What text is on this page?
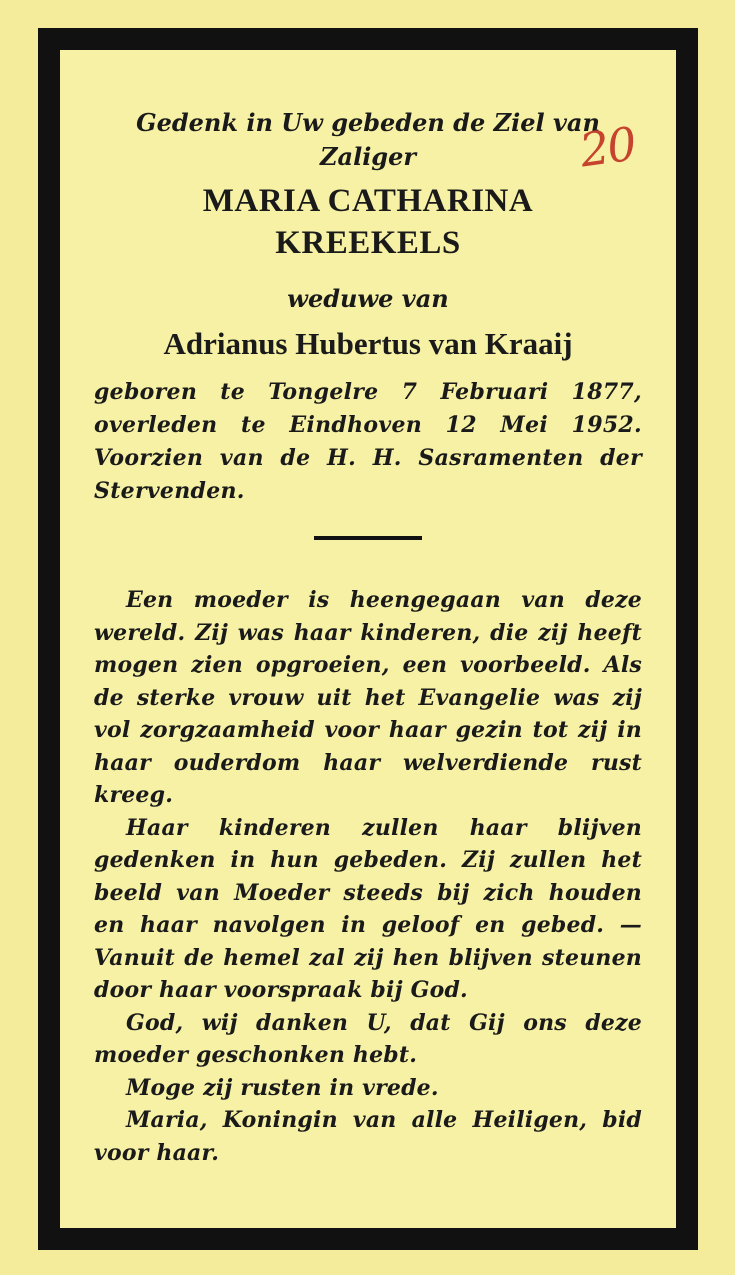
Gedenk in Uw gebeden de Ziel van
Zaliger
MARIA CATHARINA
KREEKELS
weduwe van
Adrianus Hubertus van Kraaij
geboren te Tongelre 7 Februari 1877, overleden te Eindhoven 12 Mei 1952. Voorzien van de H. H. Sasramenten der Stervenden.
Een moeder is heengegaan van deze wereld. Zij was haar kinderen, die zij heeft mogen zien opgroeien, een voorbeeld. Als de sterke vrouw uit het Evangelie was zij vol zorgzaamheid voor haar gezin tot zij in haar ouderdom haar welverdiende rust kreeg.
Haar kinderen zullen haar blijven gedenken in hun gebeden. Zij zullen het beeld van Moeder steeds bij zich houden en haar navolgen in geloof en gebed. — Vanuit de hemel zal zij hen blijven steunen door haar voorspraak bij God.
God, wij danken U, dat Gij ons deze moeder geschonken hebt.
Moge zij rusten in vrede.
Maria, Koningin van alle Heiligen, bid voor haar.
20
